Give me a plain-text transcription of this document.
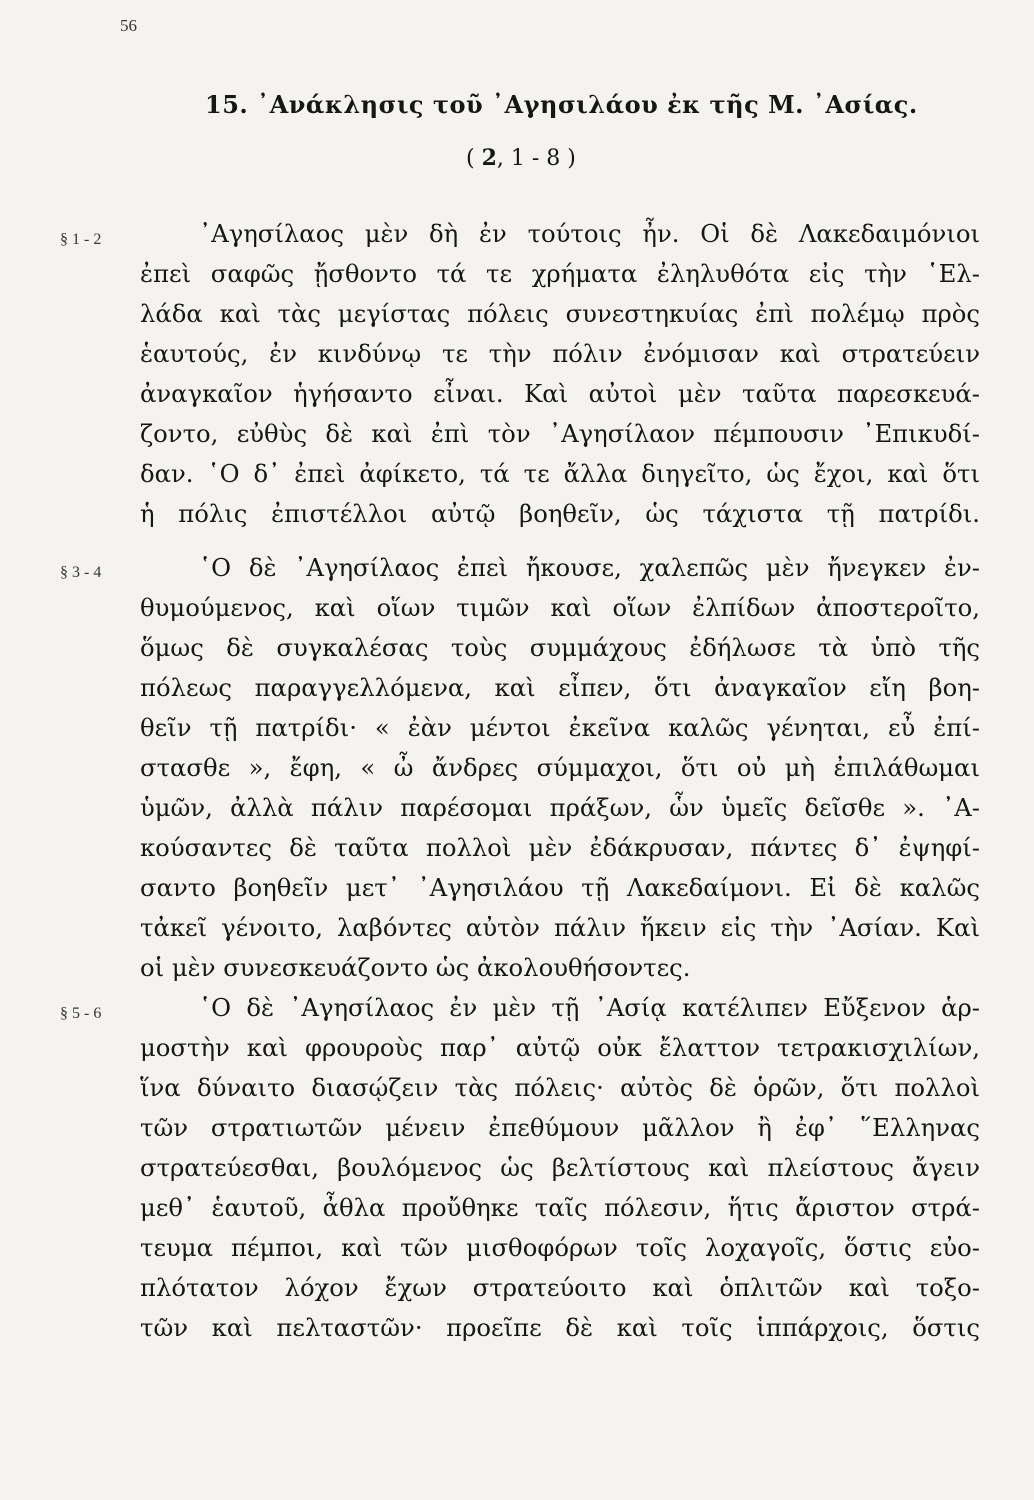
56
15. ᾿Ανάκλησις τοῦ ᾿Αγησιλάου ἐκ τῆς Μ. ᾿Ασίας.
( 2, 1 - 8 )
§ 1 - 2	᾿Αγησίλαος μὲν δὴ ἐν τούτοις ἦν. Οἱ δὲ Λακεδαιμόνιοι
ἐπεὶ σαφῶς ᾔσθοντο τά τε χρήματα ἐληλυθότα εἰς τὴν ῾Ελ-
λάδα καὶ τὰς μεγίστας πόλεις συνεστηκυίας ἐπὶ πολέμῳ πρὸς
ἑαυτούς, ἐν κινδύνῳ τε τὴν πόλιν ἐνόμισαν καὶ στρατεύειν
ἀναγκαῖον ἡγήσαντο εἶναι. Καὶ αὐτοὶ μὲν ταῦτα παρεσκευά-
ζοντο, εὐθὺς δὲ καὶ ἐπὶ τὸν ᾿Αγησίλαον πέμπουσιν ᾿Επικυδί-
δαν. ῾Ο δ᾿ ἐπεὶ ἀφίκετο, τά τε ἄλλα διηγεῖτο, ὡς ἔχοι, καὶ ὅτι
ἡ πόλις ἐπιστέλλοι αὐτῷ βοηθεῖν, ὡς τάχιστα τῇ πατρίδι.
§ 3 - 4	῾Ο δὲ ᾿Αγησίλαος ἐπεὶ ἤκουσε, χαλεπῶς μὲν ἤνεγκεν ἐν-
θυμούμενος, καὶ οἵων τιμῶν καὶ οἵων ἐλπίδων ἀποστεροῖτο,
ὅμως δὲ συγκαλέσας τοὺς συμμάχους ἐδήλωσε τὰ ὑπὸ τῆς
πόλεως παραγγελλόμενα, καὶ εἶπεν, ὅτι ἀναγκαῖον εἴη βοη-
θεῖν τῇ πατρίδι· « ἐὰν μέντοι ἐκεῖνα καλῶς γένηται, εὖ ἐπί-
στασθε », ἔφη, « ὦ ἄνδρες σύμμαχοι, ὅτι οὐ μὴ ἐπιλάθωμαι
ὑμῶν, ἀλλὰ πάλιν παρέσομαι πράξων, ὧν ὑμεῖς δεῖσθε ». ᾿Α-
κούσαντες δὲ ταῦτα πολλοὶ μὲν ἐδάκρυσαν, πάντες δ᾿ ἐψηφί-
σαντο βοηθεῖν μετ᾿ ᾿Αγησιλάου τῇ Λακεδαίμονι. Εἰ δὲ καλῶς
τἀκεῖ γένοιτο, λαβόντες αὐτὸν πάλιν ἥκειν εἰς τὴν ᾿Ασίαν. Καὶ
οἱ μὲν συνεσκευάζοντο ὡς ἀκολουθήσοντες.
§ 5 - 6	῾Ο δὲ ᾿Αγησίλαος ἐν μὲν τῇ ᾿Ασίᾳ κατέλιπεν Εὔξενον ἁρ-
μοστὴν καὶ φρουροὺς παρ᾿ αὐτῷ οὐκ ἔλαττον τετρακισχιλίων,
ἵνα δύναιτο διασῴζειν τὰς πόλεις· αὐτὸς δὲ ὁρῶν, ὅτι πολλοὶ
τῶν στρατιωτῶν μένειν ἐπεθύμουν μᾶλλον ἢ ἐφ᾿ ῞Ελληνας
στρατεύεσθαι, βουλόμενος ὡς βελτίστους καὶ πλείστους ἄγειν
μεθ᾿ ἑαυτοῦ, ἆθλα προὔθηκε ταῖς πόλεσιν, ἥτις ἄριστον στρά-
τευμα πέμποι, καὶ τῶν μισθοφόρων τοῖς λοχαγοῖς, ὅστις εὐο-
πλότατον λόχον ἔχων στρατεύοιτο καὶ ὁπλιτῶν καὶ τοξο-
τῶν καὶ πελταστῶν· προεῖπε δὲ καὶ τοῖς ἱππάρχοις, ὅστις
